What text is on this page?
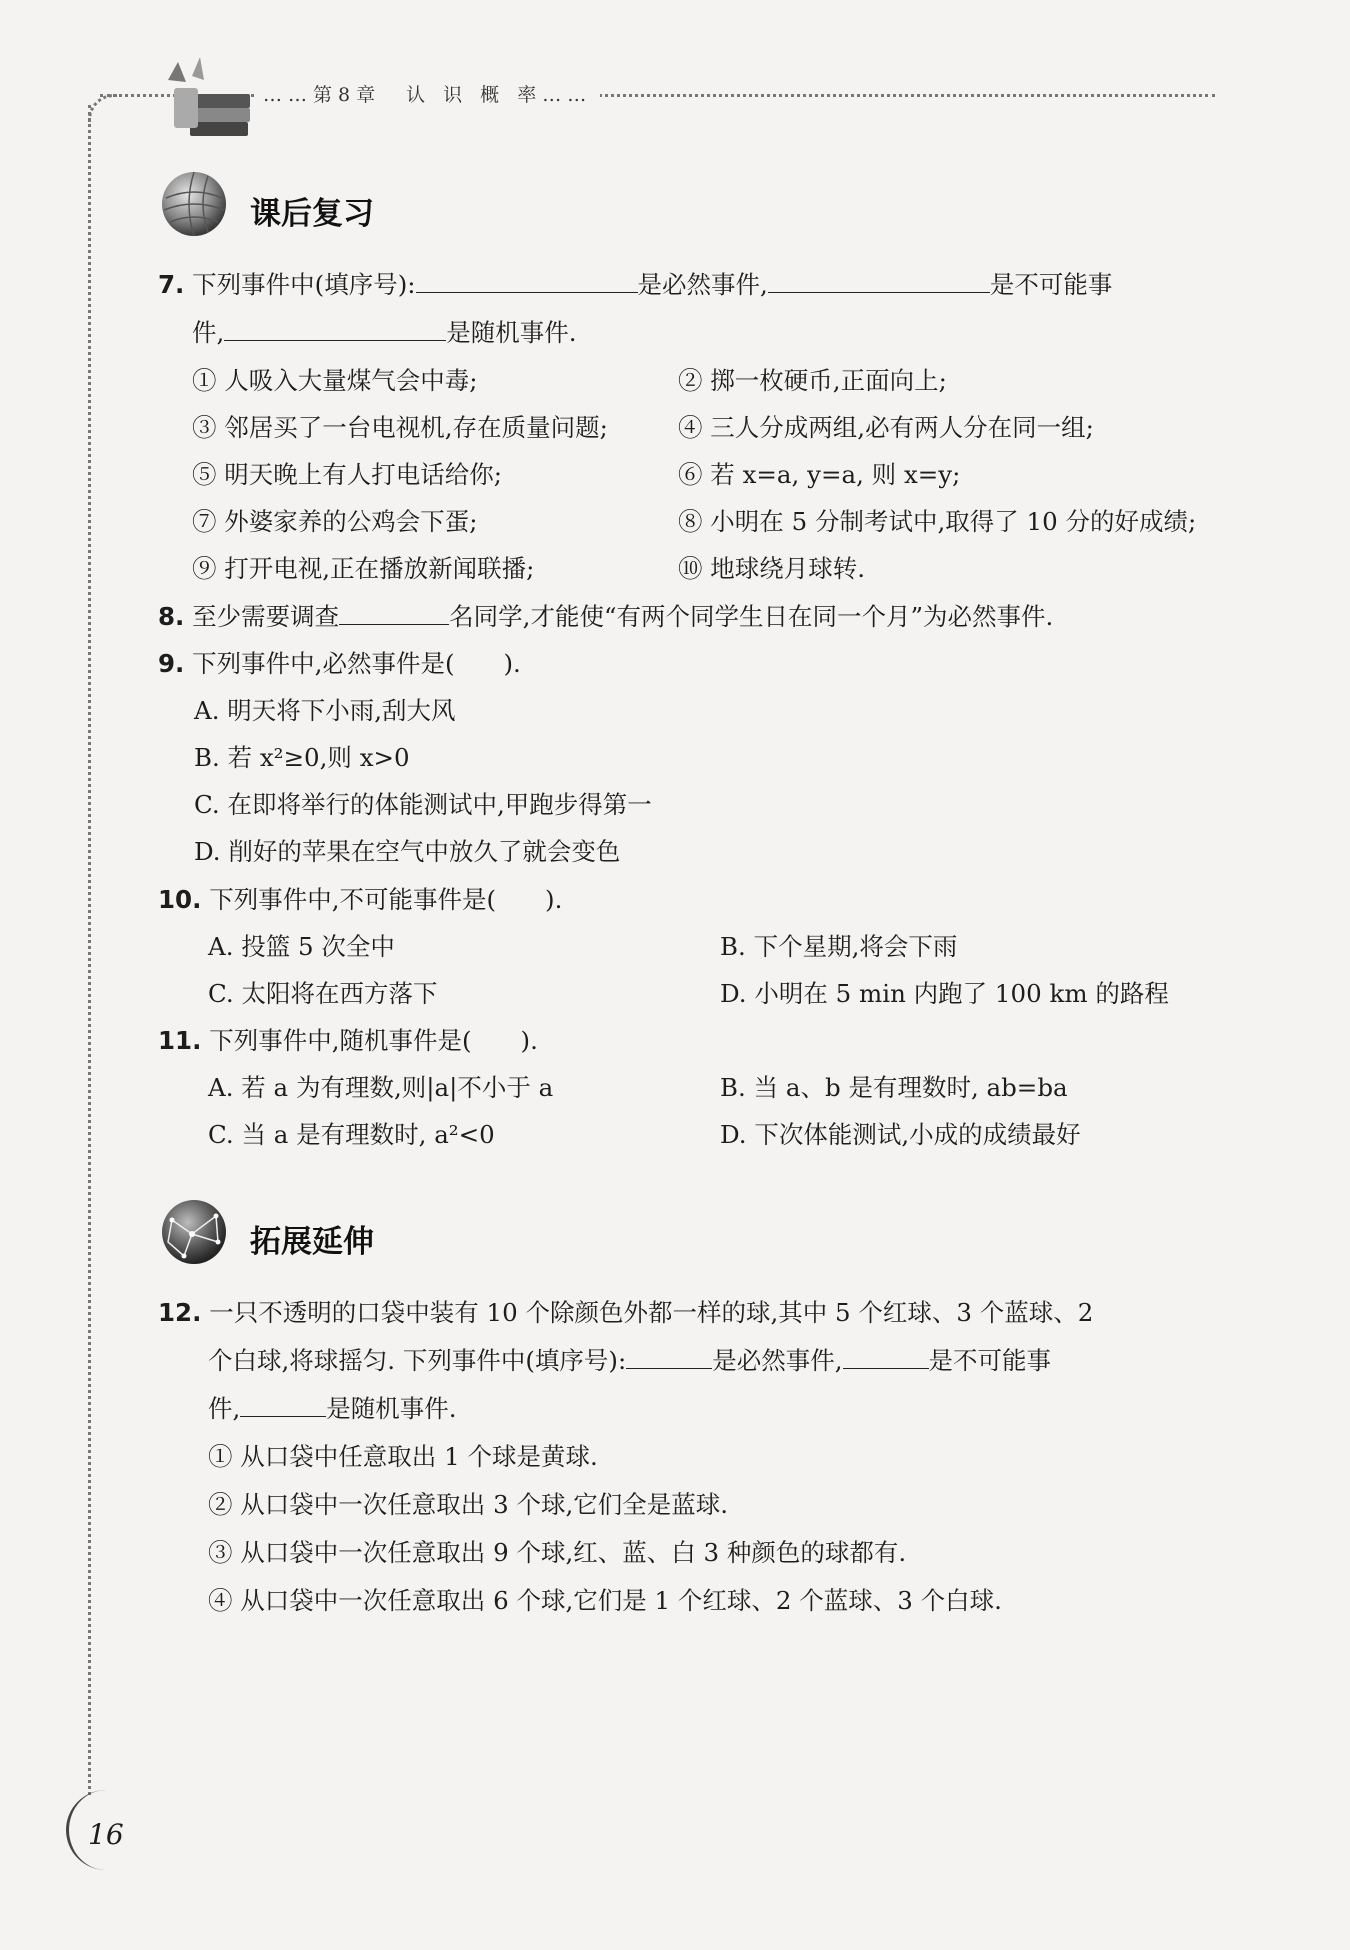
……第8章　认 识 概 率……
课后复习
7. 下列事件中(填序号):	是必然事件,	是不可能事
件,	是随机事件.
① 人吸入大量煤气会中毒;	② 掷一枚硬币,正面向上;
③ 邻居买了一台电视机,存在质量问题;	④ 三人分成两组,必有两人分在同一组;
⑤ 明天晚上有人打电话给你;	⑥ 若 x=a, y=a, 则 x=y;
⑦ 外婆家养的公鸡会下蛋;	⑧ 小明在 5 分制考试中,取得了 10 分的好成绩;
⑨ 打开电视,正在播放新闻联播;	⑩ 地球绕月球转.
8. 至少需要调查	名同学,才能使“有两个同学生日在同一个月”为必然事件.
9. 下列事件中,必然事件是(　　).
A. 明天将下小雨,刮大风
B. 若 x²≥0,则 x>0
C. 在即将举行的体能测试中,甲跑步得第一
D. 削好的苹果在空气中放久了就会变色
10. 下列事件中,不可能事件是(　　).
A. 投篮 5 次全中	B. 下个星期,将会下雨
C. 太阳将在西方落下	D. 小明在 5 min 内跑了 100 km 的路程
11. 下列事件中,随机事件是(　　).
A. 若 a 为有理数,则|a|不小于 a	B. 当 a、b 是有理数时, ab=ba
C. 当 a 是有理数时, a²<0	D. 下次体能测试,小成的成绩最好
拓展延伸
12. 一只不透明的口袋中装有 10 个除颜色外都一样的球,其中 5 个红球、3 个蓝球、2
个白球,将球摇匀. 下列事件中(填序号):	是必然事件,	是不可能事
件,	是随机事件.
① 从口袋中任意取出 1 个球是黄球.
② 从口袋中一次任意取出 3 个球,它们全是蓝球.
③ 从口袋中一次任意取出 9 个球,红、蓝、白 3 种颜色的球都有.
④ 从口袋中一次任意取出 6 个球,它们是 1 个红球、2 个蓝球、3 个白球.
16
